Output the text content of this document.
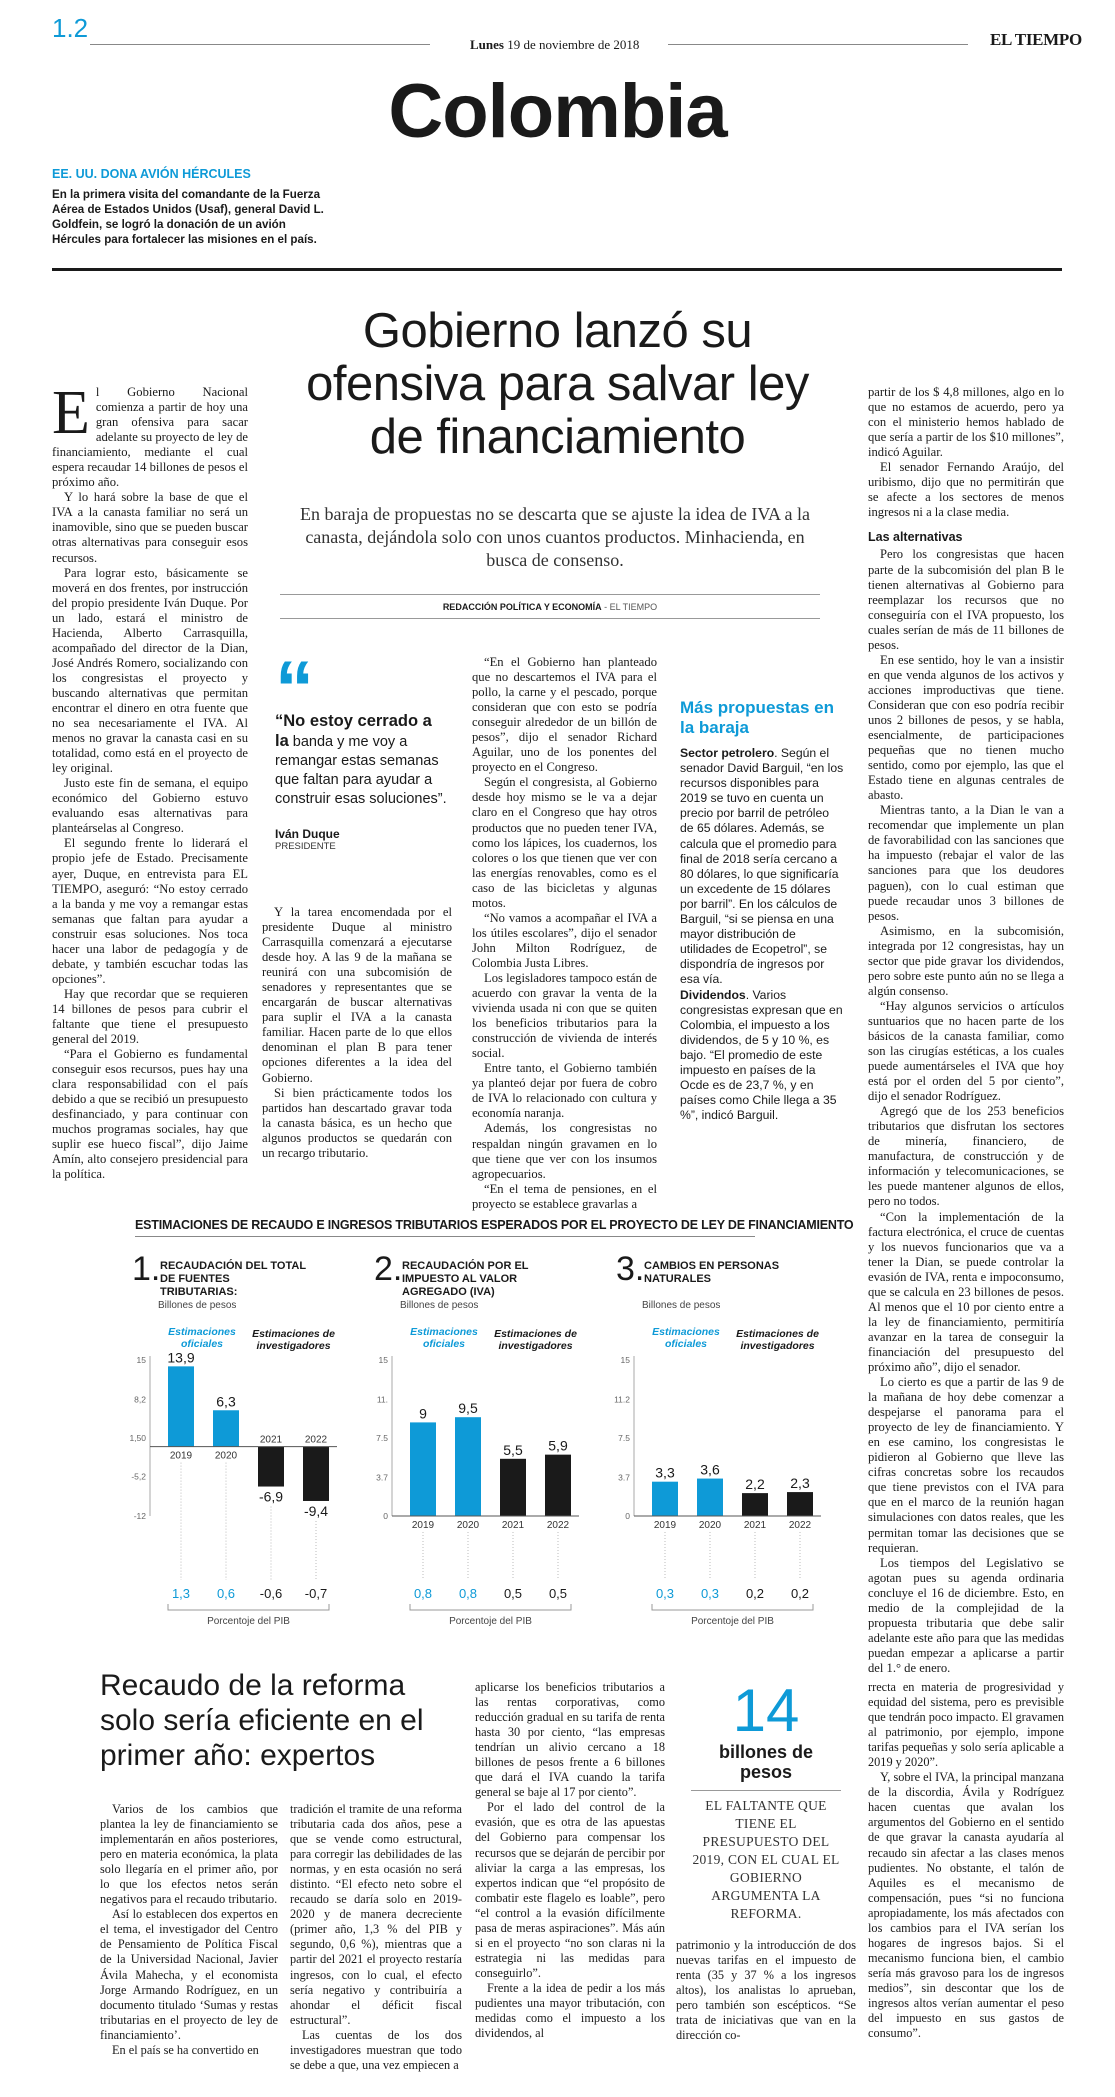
1.2
Lunes 19 de noviembre de 2018	EL TIEMPO
Colombia
EE. UU. DONA AVIÓN HÉRCULES
En la primera visita del comandante de la Fuerza Aérea de Estados Unidos (Usaf), general David L. Goldfein, se logró la donación de un avión Hércules para fortalecer las misiones en el país.
Gobierno lanzó su ofensiva para salvar ley de financiamiento
En baraja de propuestas no se descarta que se ajuste la idea de IVA a la canasta, dejándola solo con unos cuantos productos. Minhacienda, en busca de consenso.
REDACCIÓN POLÍTICA Y ECONOMÍA - EL TIEMPO
E l Gobierno Nacional comienza a partir de hoy una gran ofensiva para sacar adelante su proyecto de ley de financiamiento, mediante el cual espera recaudar 14 billones de pesos el próximo año.

Y lo hará sobre la base de que el IVA a la canasta familiar no será un inamovible, sino que se pueden buscar otras alternativas para conseguir esos recursos.

Para lograr esto, básicamente se moverá en dos frentes, por instrucción del propio presidente Iván Duque. Por un lado, estará el ministro de Hacienda, Alberto Carrasquilla, acompañado del director de la Dian, José Andrés Romero, socializando con los congresistas el proyecto y buscando alternativas que permitan encontrar el dinero en otra fuente que no sea necesariamente el IVA. Al menos no gravar la canasta casi en su totalidad, como está en el proyecto de ley original.

Justo este fin de semana, el equipo económico del Gobierno estuvo evaluando esas alternativas para planteárselas al Congreso.

El segundo frente lo liderará el propio jefe de Estado. Precisamente ayer, Duque, en entrevista para EL TIEMPO, aseguró: “No estoy cerrado a la banda y me voy a remangar estas semanas que faltan para ayudar a construir esas soluciones. Nos toca hacer una labor de pedagogía y de debate, y también escuchar todas las opciones”.

Hay que recordar que se requieren 14 billones de pesos para cubrir el faltante que tiene el presupuesto general del 2019.

“Para el Gobierno es fundamental conseguir esos recursos, pues hay una clara responsabilidad con el país debido a que se recibió un presupuesto desfinanciado, y para continuar con muchos programas sociales, hay que suplir ese hueco fiscal”, dijo Jaime Amín, alto consejero presidencial para la política.

“
“No estoy cerrado a la banda y me voy a remangar estas semanas que faltan para ayudar a construir esas soluciones”.
Iván Duque
PRESIDENTE

Y la tarea encomendada por el presidente Duque al ministro Carrasquilla comenzará a ejecutarse desde hoy. A las 9 de la mañana se reunirá con una subcomisión de senadores y representantes que se encargarán de buscar alternativas para suplir el IVA a la canasta familiar. Hacen parte de lo que ellos denominan el plan B para tener opciones diferentes a la idea del Gobierno.

Si bien prácticamente todos los partidos han descartado gravar toda la canasta básica, es un hecho que algunos productos se quedarán con un recargo tributario.

“En el Gobierno han planteado que no descartemos el IVA para el pollo, la carne y el pescado, porque consideran que con esto se podría conseguir alrededor de un billón de pesos”, dijo el senador Richard Aguilar, uno de los ponentes del proyecto en el Congreso.

Según el congresista, al Gobierno desde hoy mismo se le va a dejar claro en el Congreso que hay otros productos que no pueden tener IVA, como los lápices, los cuadernos, los colores o los que tienen que ver con las energías renovables, como es el caso de las bicicletas y algunas motos.

“No vamos a acompañar el IVA a los útiles escolares”, dijo el senador John Milton Rodríguez, de Colombia Justa Libres.

Los legisladores tampoco están de acuerdo con gravar la venta de la vivienda usada ni con que se quiten los beneficios tributarios para la construcción de vivienda de interés social.

Entre tanto, el Gobierno también ya planteó dejar por fuera de cobro de IVA lo relacionado con cultura y economía naranja.

Además, los congresistas no respaldan ningún gravamen en lo que tiene que ver con los insumos agropecuarios.

“En el tema de pensiones, en el proyecto se establece gravarlas a

Más propuestas en la baraja
Sector petrolero. Según el senador David Barguil, “en los recursos disponibles para 2019 se tuvo en cuenta un precio por barril de petróleo de 65 dólares. Además, se calcula que el promedio para final de 2018 sería cercano a 80 dólares, lo que significaría un excedente de 15 dólares por barril”. En los cálculos de Barguil, “si se piensa en una mayor distribución de utilidades de Ecopetrol”, se dispondría de ingresos por esa vía.
Dividendos. Varios congresistas expresan que en Colombia, el impuesto a los dividendos, de 5 y 10 %, es bajo. “El promedio de este impuesto en países de la Ocde es de 23,7 %, y en países como Chile llega a 35 %”, indicó Barguil.

partir de los $ 4,8 millones, algo en lo que no estamos de acuerdo, pero ya con el ministerio hemos hablado de que sería a partir de los $10 millones”, indicó Aguilar.

El senador Fernando Araújo, del uribismo, dijo que no permitirán que se afecte a los sectores de menos ingresos ni a la clase media.

Las alternativas

Pero los congresistas que hacen parte de la subcomisión del plan B le tienen alternativas al Gobierno para reemplazar los recursos que no conseguiría con el IVA propuesto, los cuales serían de más de 11 billones de pesos.

En ese sentido, hoy le van a insistir en que venda algunos de los activos y acciones improductivas que tiene. Consideran que con eso podría recibir unos 2 billones de pesos, y se habla, esencialmente, de participaciones pequeñas que no tienen mucho sentido, como por ejemplo, las que el Estado tiene en algunas centrales de abasto.

Mientras tanto, a la Dian le van a recomendar que implemente un plan de favorabilidad con las sanciones que ha impuesto (rebajar el valor de las sanciones para que los deudores paguen), con lo cual estiman que puede recaudar unos 3 billones de pesos.

Asimismo, en la subcomisión, integrada por 12 congresistas, hay un sector que pide gravar los dividendos, pero sobre este punto aún no se llega a algún consenso.

“Hay algunos servicios o artículos suntuarios que no hacen parte de los básicos de la canasta familiar, como son las cirugías estéticas, a los cuales puede aumentárseles el IVA que hoy está por el orden del 5 por ciento”, dijo el senador Rodríguez.

Agregó que de los 253 beneficios tributarios que disfrutan los sectores de minería, financiero, de manufactura, de construcción y de información y telecomunicaciones, se les puede mantener algunos de ellos, pero no todos.

“Con la implementación de la factura electrónica, el cruce de cuentas y los nuevos funcionarios que va a tener la Dian, se puede controlar la evasión de IVA, renta e impoconsumo, que se calcula en 23 billones de pesos. Al menos que el 10 por ciento entre a la ley de financiamiento, permitiría avanzar en la tarea de conseguir la financiación del presupuesto del próximo año”, dijo el senador.

Lo cierto es que a partir de las 9 de la mañana de hoy debe comenzar a despejarse el panorama para el proyecto de ley de financiamiento. Y en ese camino, los congresistas le pidieron al Gobierno que lleve las cifras concretas sobre los recaudos que tiene previstos con el IVA para que en el marco de la reunión hagan simulaciones con datos reales, que les permitan tomar las decisiones que se requieran.

Los tiempos del Legislativo se agotan pues su agenda ordinaria concluye el 16 de diciembre. Esto, en medio de la complejidad de la propuesta tributaria que debe salir adelante este año para que las medidas puedan empezar a aplicarse a partir del 1.° de enero.

ESTIMACIONES DE RECAUDO E INGRESOS TRIBUTARIOS ESPERADOS POR EL PROYECTO DE LEY DE FINANCIAMIENTO
1. RECAUDACIÓN DEL TOTAL DE FUENTES TRIBUTARIAS:
Billones de pesos
Estimaciones oficiales
Estimaciones de investigadores
15
8,2
1,50
-5,2
-12
13,9
2019
1,3
6,3
2020
0,6
-6,9
2021
-0,6
-9,4
2022
-0,7
Porcentoje del PIB
2. RECAUDACIÓN POR EL IMPUESTO AL VALOR AGREGADO (IVA)
Billones de pesos
Estimaciones oficiales
Estimaciones de investigadores
15
11.
7.5
3.7
0
9
2019
0,8
9,5
2020
0,8
5,5
2021
0,5
5,9
2022
0,5
Porcentoje del PIB
3. CAMBIOS EN PERSONAS NATURALES
Billones de pesos
Estimaciones oficiales
Estimaciones de investigadores
15
11.2
7.5
3.7
0
3,3
2019
0,3
3,6
2020
0,3
2,2
2021
0,2
2,3
2022
0,2
Porcentoje del PIB
Recaudo de la reforma solo sería eficiente en el primer año: expertos

Varios de los cambios que plantea la ley de financiamiento se implementarán en años posteriores, pero en materia económica, la plata solo llegaría en el primer año, por lo que los efectos netos serán negativos para el recaudo tributario.

Así lo establecen dos expertos en el tema, el investigador del Centro de Pensamiento de Política Fiscal de la Universidad Nacional, Javier Ávila Mahecha, y el economista Jorge Armando Rodríguez, en un documento titulado ‘Sumas y restas tributarias en el proyecto de ley de financiamiento’.

En el país se ha convertido en

tradición el tramite de una reforma tributaria cada dos años, pese a que se vende como estructural, para corregir las debilidades de las normas, y en esta ocasión no será distinto. “El efecto neto sobre el recaudo se daría solo en 2019-2020 y de manera decreciente (primer año, 1,3 % del PIB y segundo, 0,6 %), mientras que a partir del 2021 el proyecto restaría ingresos, con lo cual, el efecto sería negativo y contribuiría a ahondar el déficit fiscal estructural”.

Las cuentas de los dos investigadores muestran que todo se debe a que, una vez empiecen a

aplicarse los beneficios tributarios a las rentas corporativas, como reducción gradual en su tarifa de renta hasta 30 por ciento, “las empresas tendrían un alivio cercano a 18 billones de pesos frente a 6 billones que dará el IVA cuando la tarifa general se baje al 17 por ciento”.

Por el lado del control de la evasión, que es otra de las apuestas del Gobierno para compensar los recursos que se dejarán de percibir por aliviar la carga a las empresas, los expertos indican que “el propósito de combatir este flagelo es loable”, pero “el control a la evasión difícilmente pasa de meras aspiraciones”. Más aún si en el proyecto “no son claras ni la estrategia ni las medidas para conseguirlo”.

Frente a la idea de pedir a los más pudientes una mayor tributación, con medidas como el impuesto a los dividendos, al

14
billones de pesos
EL FALTANTE QUE TIENE EL PRESUPUESTO DEL 2019, CON EL CUAL EL GOBIERNO ARGUMENTA LA REFORMA.

patrimonio y la introducción de dos nuevas tarifas en el impuesto de renta (35 y 37 % a los ingresos altos), los analistas lo aprueban, pero también son escépticos. “Se trata de iniciativas que van en la dirección co-

rrecta en materia de progresividad y equidad del sistema, pero es previsible que tendrán poco impacto. El gravamen al patrimonio, por ejemplo, impone tarifas pequeñas y solo sería aplicable a 2019 y 2020”.

Y, sobre el IVA, la principal manzana de la discordia, Ávila y Rodríguez hacen cuentas que avalan los argumentos del Gobierno en el sentido de que gravar la canasta ayudaría al recaudo sin afectar a las clases menos pudientes. No obstante, el talón de Aquiles es el mecanismo de compensación, pues “si no funciona apropiadamente, los más afectados con los cambios para el IVA serían los hogares de ingresos bajos. Si el mecanismo funciona bien, el cambio sería más gravoso para los de ingresos medios”, sin descontar que los de ingresos altos verían aumentar el peso del impuesto en sus gastos de consumo”.
